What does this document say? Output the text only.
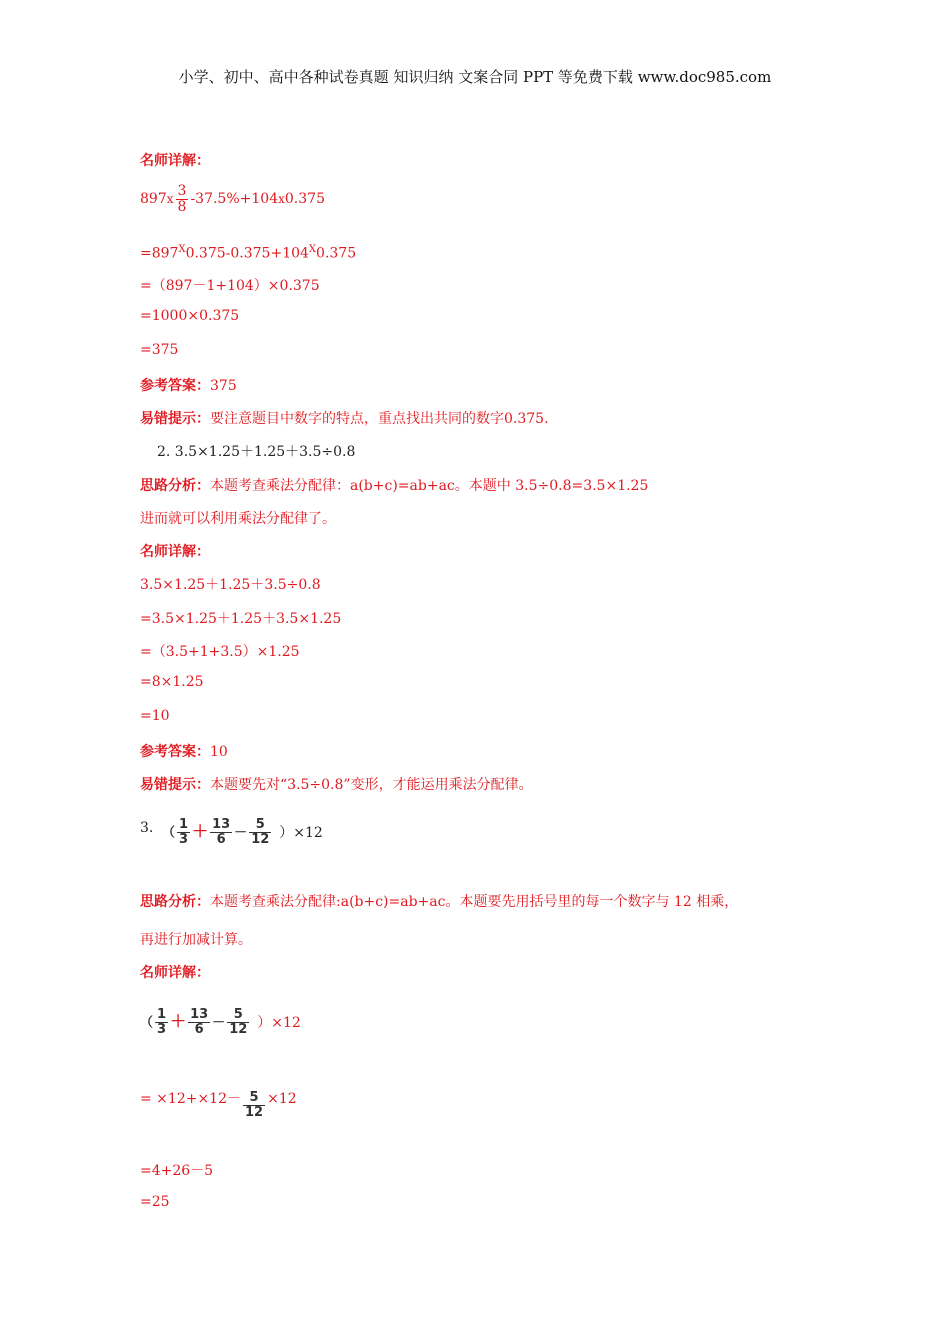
小学、初中、高中各种试卷真题 知识归纳 文案合同 PPT 等免费下载 www.doc985.com
名师详解：
$897x \frac{3}{8} -37.5\%+104x0.375$
$=897^X0.375-0.375+104^X0.375$
=（897－1+104）×0.375
=1000×0.375
=375
参考答案：375
易错提示：要注意题目中数字的特点，重点找出共同的数字0.375.
2. 3.5×1.25＋1.25＋3.5÷0.8
思路分析：本题考查乘法分配律：a(b+c)=ab+ac。本题中 3.5÷0.8=3.5×1.25
进而就可以利用乘法分配律了。
名师详解：
3.5×1.25＋1.25＋3.5÷0.8
=3.5×1.25＋1.25＋3.5×1.25
=（3.5+1+3.5）×1.25
=8×1.25
=10
参考答案：10
易错提示：本题要先对“3.5÷0.8”变形，才能运用乘法分配律。
3. （ $\frac{1}{3} + \frac{13}{6} - \frac{5}{12} )\times 12$
思路分析：本题考查乘法分配律:a(b+c)=ab+ac。本题要先用括号里的每一个数字与 12 相乘，
再进行加减计算。
名师详解：
（ $\frac{1}{3} + \frac{13}{6} - \frac{5}{12} )\times 12$
= $\times 12+\times 12- \frac{5}{12} \times 12$
=4+26－5
=25
